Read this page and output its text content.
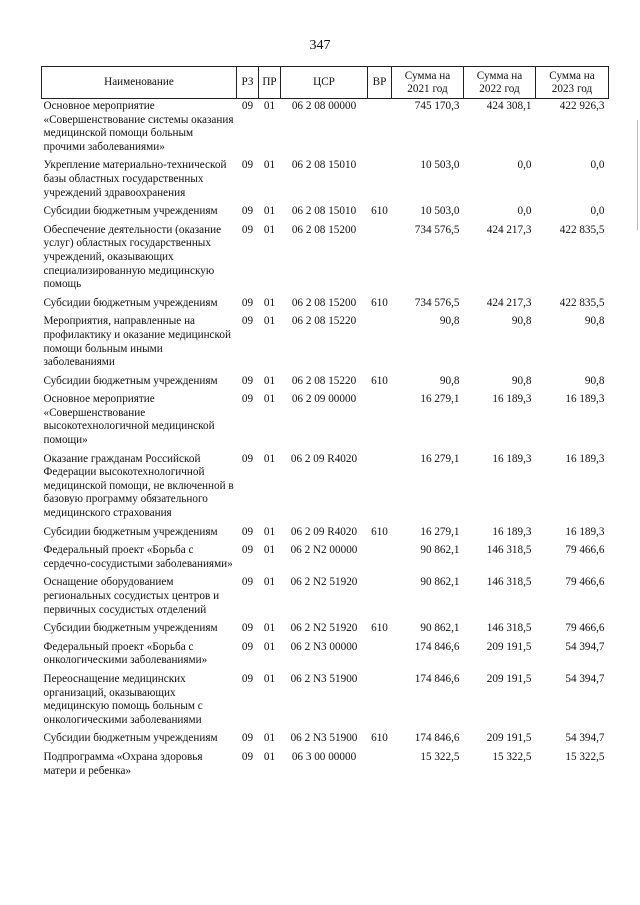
347
Наименование	РЗ	ПР	ЦСР	ВР	Сумма на 2021 год	Сумма на 2022 год	Сумма на 2023 год
Основное мероприятие «Совершенствование системы оказания медицинской помощи больным прочими заболеваниями»	09	01	06 2 08 00000		745 170,3	424 308,1	422 926,3
Укрепление материально-технической базы областных государственных учреждений здравоохранения	09	01	06 2 08 15010		10 503,0	0,0	0,0
Субсидии бюджетным учреждениям	09	01	06 2 08 15010	610	10 503,0	0,0	0,0
Обеспечение деятельности (оказание услуг) областных государственных учреждений, оказывающих специализированную медицинскую помощь	09	01	06 2 08 15200		734 576,5	424 217,3	422 835,5
Субсидии бюджетным учреждениям	09	01	06 2 08 15200	610	734 576,5	424 217,3	422 835,5
Мероприятия, направленные на профилактику и оказание медицинской помощи больным иными заболеваниями	09	01	06 2 08 15220		90,8	90,8	90,8
Субсидии бюджетным учреждениям	09	01	06 2 08 15220	610	90,8	90,8	90,8
Основное мероприятие «Совершенствование высокотехнологичной медицинской помощи»	09	01	06 2 09 00000		16 279,1	16 189,3	16 189,3
Оказание гражданам Российской Федерации высокотехнологичной медицинской помощи, не включенной в базовую программу обязательного медицинского страхования	09	01	06 2 09 R4020		16 279,1	16 189,3	16 189,3
Субсидии бюджетным учреждениям	09	01	06 2 09 R4020	610	16 279,1	16 189,3	16 189,3
Федеральный проект «Борьба с сердечно-сосудистыми заболеваниями»	09	01	06 2 N2 00000		90 862,1	146 318,5	79 466,6
Оснащение оборудованием региональных сосудистых центров и первичных сосудистых отделений	09	01	06 2 N2 51920		90 862,1	146 318,5	79 466,6
Субсидии бюджетным учреждениям	09	01	06 2 N2 51920	610	90 862,1	146 318,5	79 466,6
Федеральный проект «Борьба с онкологическими заболеваниями»	09	01	06 2 N3 00000		174 846,6	209 191,5	54 394,7
Переоснащение медицинских организаций, оказывающих медицинскую помощь больным с онкологическими заболеваниями	09	01	06 2 N3 51900		174 846,6	209 191,5	54 394,7
Субсидии бюджетным учреждениям	09	01	06 2 N3 51900	610	174 846,6	209 191,5	54 394,7
Подпрограмма «Охрана здоровья матери и ребенка»	09	01	06 3 00 00000		15 322,5	15 322,5	15 322,5
